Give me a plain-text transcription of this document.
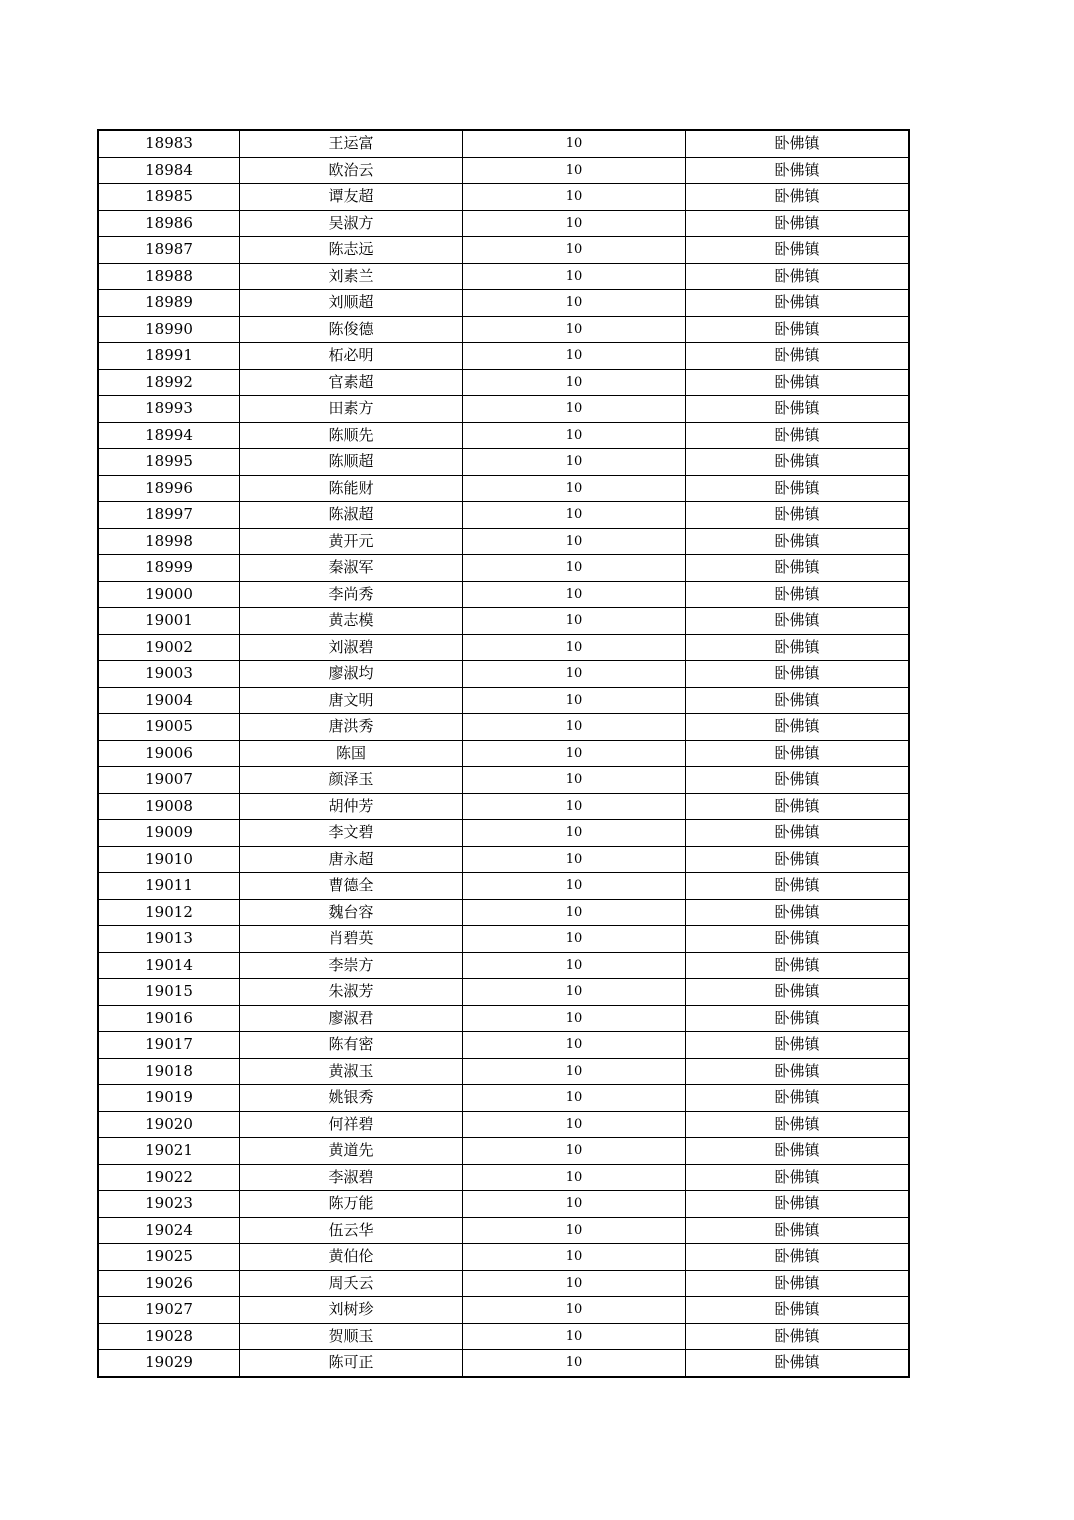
18983	王运富	10	卧佛镇
18984	欧治云	10	卧佛镇
18985	谭友超	10	卧佛镇
18986	吴淑方	10	卧佛镇
18987	陈志远	10	卧佛镇
18988	刘素兰	10	卧佛镇
18989	刘顺超	10	卧佛镇
18990	陈俊德	10	卧佛镇
18991	柘必明	10	卧佛镇
18992	官素超	10	卧佛镇
18993	田素方	10	卧佛镇
18994	陈顺先	10	卧佛镇
18995	陈顺超	10	卧佛镇
18996	陈能财	10	卧佛镇
18997	陈淑超	10	卧佛镇
18998	黄开元	10	卧佛镇
18999	秦淑军	10	卧佛镇
19000	李尚秀	10	卧佛镇
19001	黄志模	10	卧佛镇
19002	刘淑碧	10	卧佛镇
19003	廖淑均	10	卧佛镇
19004	唐文明	10	卧佛镇
19005	唐洪秀	10	卧佛镇
19006	陈国	10	卧佛镇
19007	颜泽玉	10	卧佛镇
19008	胡仲芳	10	卧佛镇
19009	李文碧	10	卧佛镇
19010	唐永超	10	卧佛镇
19011	曹德全	10	卧佛镇
19012	魏台容	10	卧佛镇
19013	肖碧英	10	卧佛镇
19014	李崇方	10	卧佛镇
19015	朱淑芳	10	卧佛镇
19016	廖淑君	10	卧佛镇
19017	陈有密	10	卧佛镇
19018	黄淑玉	10	卧佛镇
19019	姚银秀	10	卧佛镇
19020	何祥碧	10	卧佛镇
19021	黄道先	10	卧佛镇
19022	李淑碧	10	卧佛镇
19023	陈万能	10	卧佛镇
19024	伍云华	10	卧佛镇
19025	黄伯伦	10	卧佛镇
19026	周夭云	10	卧佛镇
19027	刘树珍	10	卧佛镇
19028	贺顺玉	10	卧佛镇
19029	陈可正	10	卧佛镇
